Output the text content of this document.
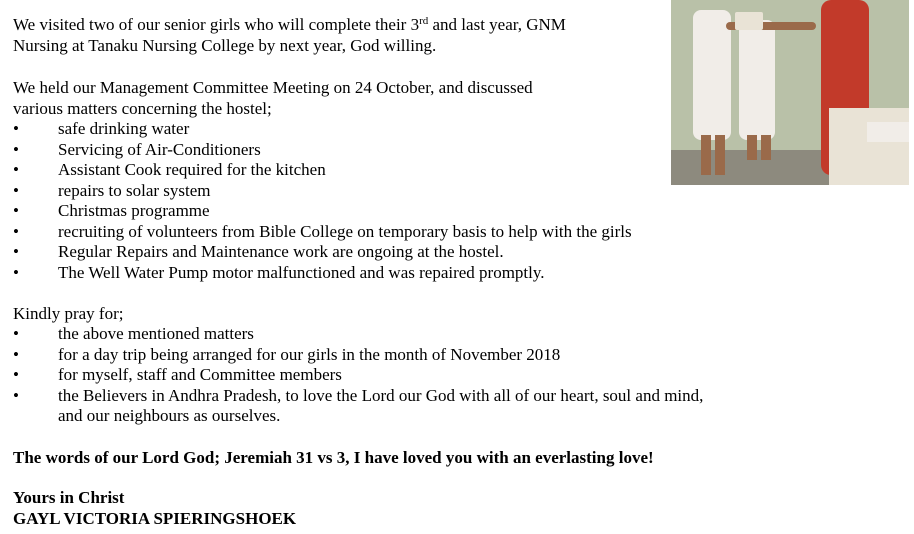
We visited two of our senior girls who will complete their 3rd and last year, GNM
Nursing at Tanaku Nursing College by next year, God willing.
We held our Management Committee Meeting on 24 October, and discussed
various matters concerning the hostel;
• safe drinking water
• Servicing of Air-Conditioners
• Assistant Cook required for the kitchen
• repairs to solar system
• Christmas programme
• recruiting of volunteers from Bible College on temporary basis to help with the girls
• Regular Repairs and Maintenance work are ongoing at the hostel.
• The Well Water Pump motor malfunctioned and was repaired promptly.
Kindly pray for;
• the above mentioned matters
• for a day trip being arranged for our girls in the month of November 2018
• for myself, staff and Committee members
• the Believers in Andhra Pradesh, to love the Lord our God with all of our heart, soul and mind,
and our neighbours as ourselves.
The words of our Lord God; Jeremiah 31 vs 3, I have loved you with an everlasting love!
Yours in Christ
GAYL VICTORIA SPIERINGSHOEK
